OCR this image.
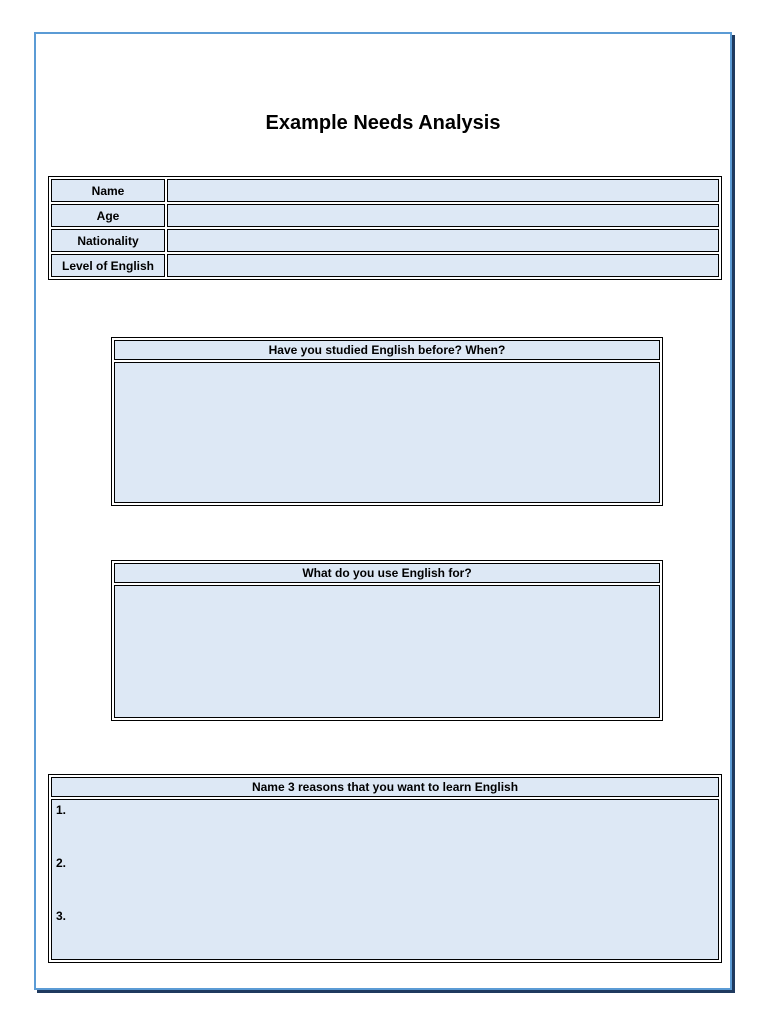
Example Needs Analysis
Name	
Age	
Nationality	
Level of English	
Have you studied English before? When?

What do you use English for?

Name 3 reasons that you want to learn English

1.
2.
3.
